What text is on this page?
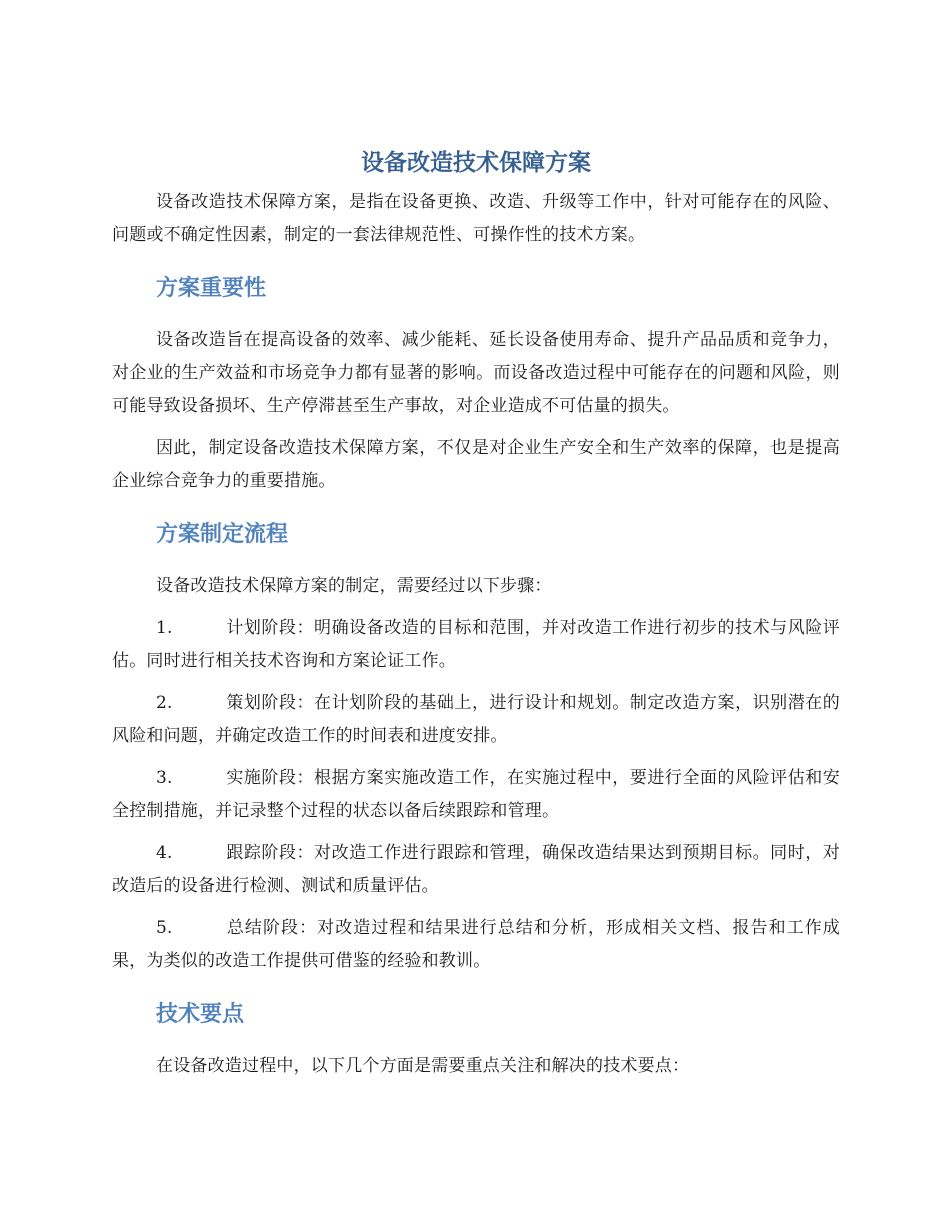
设备改造技术保障方案

设备改造技术保障方案，是指在设备更换、改造、升级等工作中，针对可能存在的风险、问题或不确定性因素，制定的一套法律规范性、可操作性的技术方案。

方案重要性

设备改造旨在提高设备的效率、减少能耗、延长设备使用寿命、提升产品品质和竞争力，对企业的生产效益和市场竞争力都有显著的影响。而设备改造过程中可能存在的问题和风险，则可能导致设备损坏、生产停滞甚至生产事故，对企业造成不可估量的损失。

因此，制定设备改造技术保障方案，不仅是对企业生产安全和生产效率的保障，也是提高企业综合竞争力的重要措施。

方案制定流程

设备改造技术保障方案的制定，需要经过以下步骤：

1.	计划阶段：明确设备改造的目标和范围，并对改造工作进行初步的技术与风险评估。同时进行相关技术咨询和方案论证工作。
2.	策划阶段：在计划阶段的基础上，进行设计和规划。制定改造方案，识别潜在的风险和问题，并确定改造工作的时间表和进度安排。
3.	实施阶段：根据方案实施改造工作，在实施过程中，要进行全面的风险评估和安全控制措施，并记录整个过程的状态以备后续跟踪和管理。
4.	跟踪阶段：对改造工作进行跟踪和管理，确保改造结果达到预期目标。同时，对改造后的设备进行检测、测试和质量评估。
5.	总结阶段：对改造过程和结果进行总结和分析，形成相关文档、报告和工作成果，为类似的改造工作提供可借鉴的经验和教训。
技术要点

在设备改造过程中，以下几个方面是需要重点关注和解决的技术要点：
